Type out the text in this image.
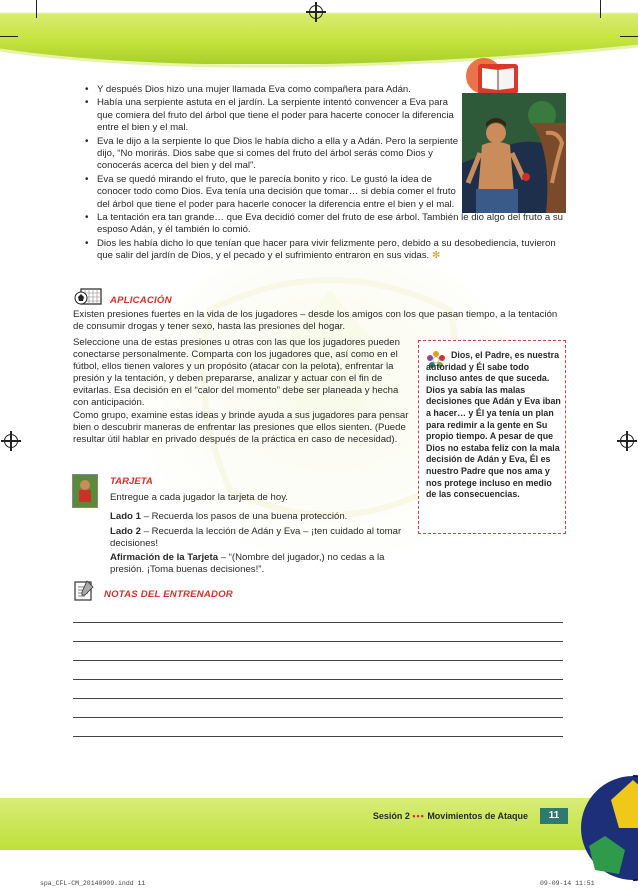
• Y después Dios hizo una mujer llamada Eva como compañera para Adán.
• Había una serpiente astuta en el jardín. La serpiente intentó convencer a Eva para que comiera del fruto del árbol que tiene el poder para hacerte conocer la diferencia entre el bien y el mal.
• Eva le dijo a la serpiente lo que Dios le había dicho a ella y a Adán. Pero la serpiente dijo, “No morirás. Dios sabe que si comes del fruto del árbol serás como Dios y conocerás acerca del bien y del mal”.
• Eva se quedó mirando el fruto, que le parecía bonito y rico. Le gustó la idea de conocer todo como Dios. Eva tenía una decisión que tomar… si debía comer el fruto del árbol que tiene el poder para hacerle conocer la diferencia entre el bien y el mal.
• La tentación era tan grande… que Eva decidió comer del fruto de ese árbol. También le dio algo del fruto a su esposo Adán, y él también lo comió.
• Dios les había dicho lo que tenían que hacer para vivir felizmente pero, debido a su desobediencia, tuvieron que salir del jardín de Dios, y el pecado y el sufrimiento entraron en sus vidas. ✻
APLICACIÓN
Existen presiones fuertes en la vida de los jugadores – desde los amigos con los que pasan tiempo, a la tentación de consumir drogas y tener sexo, hasta las presiones del hogar.
Seleccione una de estas presiones u otras con las que los jugadores pueden conectarse personalmente. Comparta con los jugadores que, así como en el fútbol, ellos tienen valores y un propósito (atacar con la pelota), enfrentar la presión y la tentación, y deben prepararse, analizar y actuar con el fin de evitarlas. Esa decisión en el “calor del momento” debe ser planeada y hecha con anticipación.
Como grupo, examine estas ideas y brinde ayuda a sus jugadores para pensar bien o descubrir maneras de enfrentar las presiones que ellos sienten. (Puede resultar útil hablar en privado después de la práctica en caso de necesidad).
Dios, el Padre, es nuestra autoridad y Él sabe todo incluso antes de que suceda. Dios ya sabía las malas decisiones que Adán y Eva iban a hacer… y Él ya tenía un plan para redimir a la gente en Su propio tiempo. A pesar de que Dios no estaba feliz con la mala decisión de Adán y Eva, Él es nuestro Padre que nos ama y nos protege incluso en medio de las consecuencias.
TARJETA
Entregue a cada jugador la tarjeta de hoy.
Lado 1 – Recuerda los pasos de una buena protección.
Lado 2 – Recuerda la lección de Adán y Eva – ¡ten cuidado al tomar decisiones!
Afirmación de la Tarjeta – “(Nombre del jugador,) no cedas a la presión. ¡Toma buenas decisiones!”.
NOTAS DEL ENTRENADOR
Sesión 2 ••• Movimientos de Ataque	11
spa_CFL-CM_20140909.indd 11	09-09-14 11:51
